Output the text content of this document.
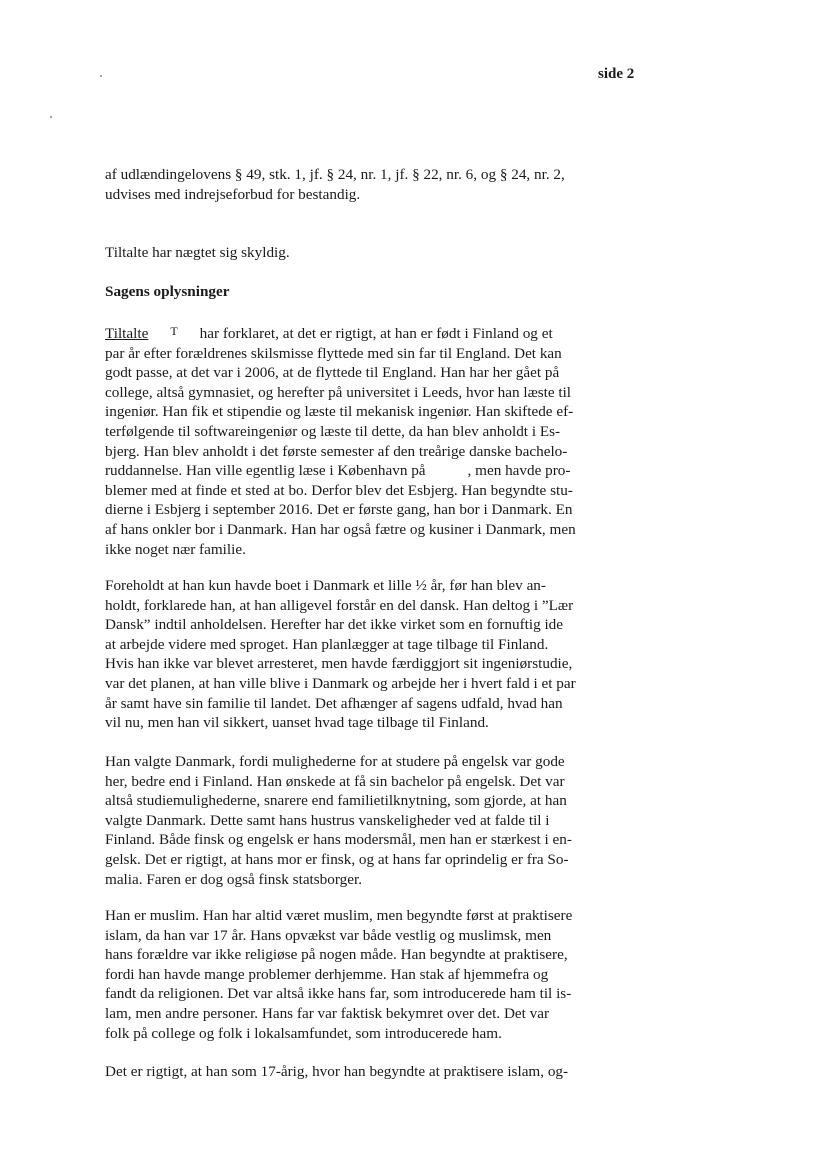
side 2

af udlændingelovens § 49, stk. 1, jf. § 24, nr. 1, jf. § 22, nr. 6, og § 24, nr. 2,
udvises med indrejseforbud for bestandig.

Tiltalte har nægtet sig skyldig.

Sagens oplysninger

Tiltalte T har forklaret, at det er rigtigt, at han er født i Finland og et
par år efter forældrenes skilsmisse flyttede med sin far til England. Det kan
godt passe, at det var i 2006, at de flyttede til England. Han har her gået på
college, altså gymnasiet, og herefter på universitet i Leeds, hvor han læste til
ingeniør. Han fik et stipendie og læste til mekanisk ingeniør. Han skiftede ef-
terfølgende til softwareingeniør og læste til dette, da han blev anholdt i Es-
bjerg. Han blev anholdt i det første semester af den treårige danske bachelo-
ruddannelse. Han ville egentlig læse i København på	, men havde pro-
blemer med at finde et sted at bo. Derfor blev det Esbjerg. Han begyndte stu-
dierne i Esbjerg i september 2016. Det er første gang, han bor i Danmark. En
af hans onkler bor i Danmark. Han har også fætre og kusiner i Danmark, men
ikke noget nær familie.

Foreholdt at han kun havde boet i Danmark et lille ½ år, før han blev an-
holdt, forklarede han, at han alligevel forstår en del dansk. Han deltog i ”Lær
Dansk” indtil anholdelsen. Herefter har det ikke virket som en fornuftig ide
at arbejde videre med sproget. Han planlægger at tage tilbage til Finland.
Hvis han ikke var blevet arresteret, men havde færdiggjort sit ingeniørstudie,
var det planen, at han ville blive i Danmark og arbejde her i hvert fald i et par
år samt have sin familie til landet. Det afhænger af sagens udfald, hvad han
vil nu, men han vil sikkert, uanset hvad tage tilbage til Finland.

Han valgte Danmark, fordi mulighederne for at studere på engelsk var gode
her, bedre end i Finland. Han ønskede at få sin bachelor på engelsk. Det var
altså studiemulighederne, snarere end familietilknytning, som gjorde, at han
valgte Danmark. Dette samt hans hustrus vanskeligheder ved at falde til i
Finland. Både finsk og engelsk er hans modersmål, men han er stærkest i en-
gelsk. Det er rigtigt, at hans mor er finsk, og at hans far oprindelig er fra So-
malia. Faren er dog også finsk statsborger.

Han er muslim. Han har altid været muslim, men begyndte først at praktisere
islam, da han var 17 år. Hans opvækst var både vestlig og muslimsk, men
hans forældre var ikke religiøse på nogen måde. Han begyndte at praktisere,
fordi han havde mange problemer derhjemme. Han stak af hjemmefra og
fandt da religionen. Det var altså ikke hans far, som introducerede ham til is-
lam, men andre personer. Hans far var faktisk bekymret over det. Det var
folk på college og folk i lokalsamfundet, som introducerede ham.

Det er rigtigt, at han som 17-årig, hvor han begyndte at praktisere islam, og-
